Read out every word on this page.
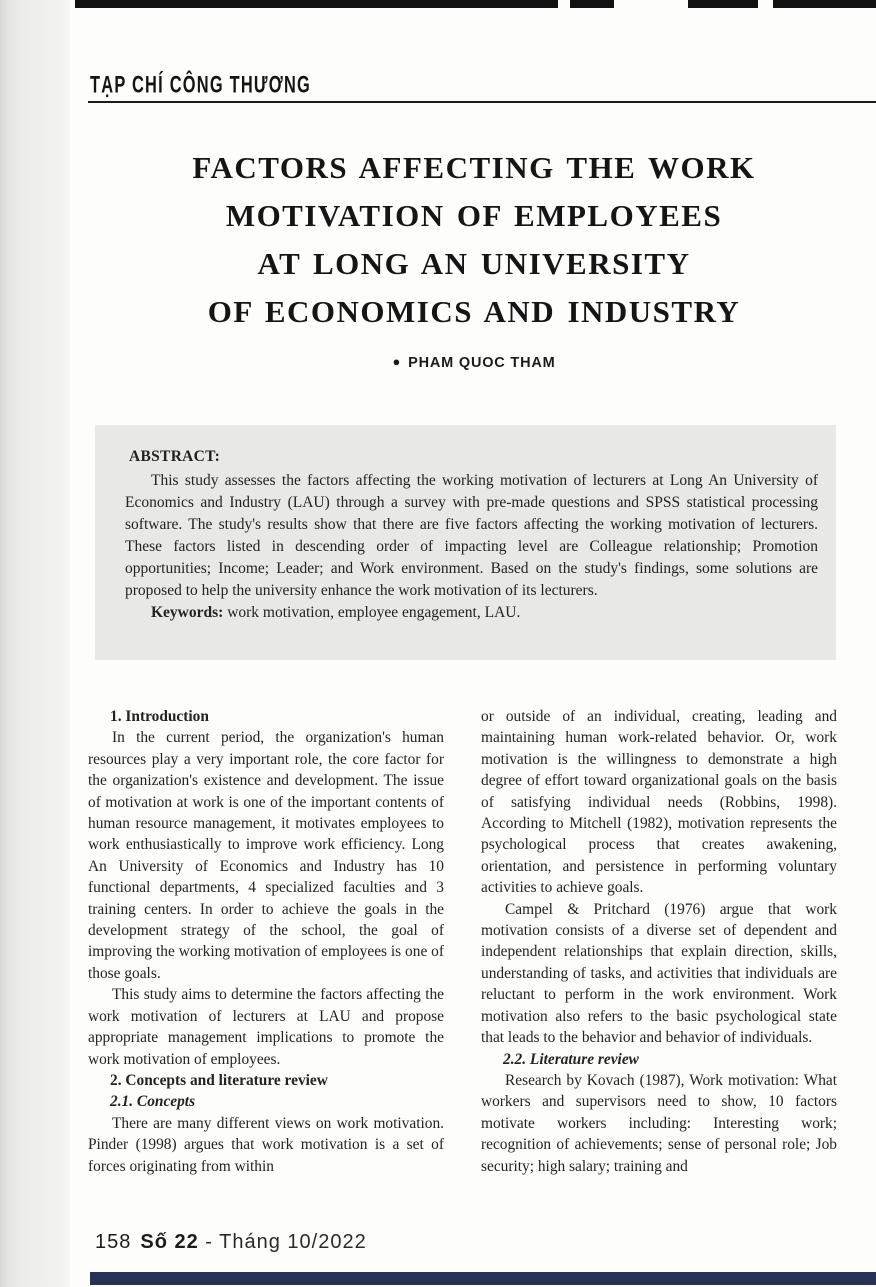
TẠP CHÍ CÔNG THƯƠNG
FACTORS AFFECTING THE WORK
MOTIVATION OF EMPLOYEES
AT LONG AN UNIVERSITY
OF ECONOMICS AND INDUSTRY
● PHAM QUOC THAM
ABSTRACT:

This study assesses the factors affecting the working motivation of lecturers at Long An University of Economics and Industry (LAU) through a survey with pre-made questions and SPSS statistical processing software. The study's results show that there are five factors affecting the working motivation of lecturers. These factors listed in descending order of impacting level are Colleague relationship; Promotion opportunities; Income; Leader; and Work environment. Based on the study's findings, some solutions are proposed to help the university enhance the work motivation of its lecturers.

Keywords: work motivation, employee engagement, LAU.

1. Introduction

In the current period, the organization's human resources play a very important role, the core factor for the organization's existence and development. The issue of motivation at work is one of the important contents of human resource management, it motivates employees to work enthusiastically to improve work efficiency. Long An University of Economics and Industry has 10 functional departments, 4 specialized faculties and 3 training centers. In order to achieve the goals in the development strategy of the school, the goal of improving the working motivation of employees is one of those goals.

This study aims to determine the factors affecting the work motivation of lecturers at LAU and propose appropriate management implications to promote the work motivation of employees.

2. Concepts and literature review

2.1. Concepts

There are many different views on work motivation. Pinder (1998) argues that work motivation is a set of forces originating from within

or outside of an individual, creating, leading and maintaining human work-related behavior. Or, work motivation is the willingness to demonstrate a high degree of effort toward organizational goals on the basis of satisfying individual needs (Robbins, 1998). According to Mitchell (1982), motivation represents the psychological process that creates awakening, orientation, and persistence in performing voluntary activities to achieve goals.

Campel & Pritchard (1976) argue that work motivation consists of a diverse set of dependent and independent relationships that explain direction, skills, understanding of tasks, and activities that individuals are reluctant to perform in the work environment. Work motivation also refers to the basic psychological state that leads to the behavior and behavior of individuals.

2.2. Literature review

Research by Kovach (1987), Work motivation: What workers and supervisors need to show, 10 factors motivate workers including: Interesting work; recognition of achievements; sense of personal role; Job security; high salary; training and

158 Số 22 - Tháng 10/2022
